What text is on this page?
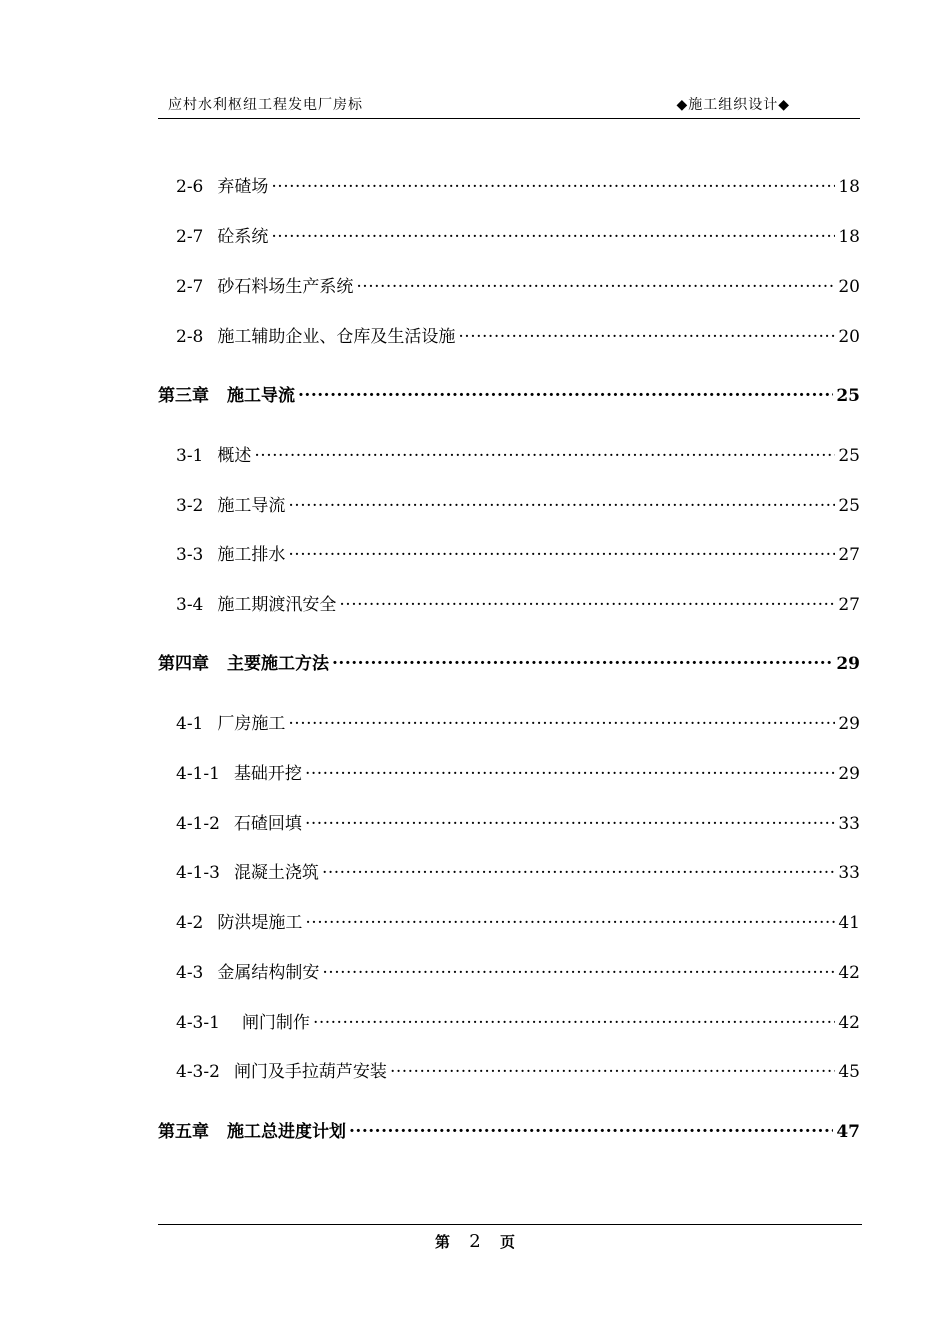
应村水利枢纽工程发电厂房标	◆施工组织设计◆
2-6 弃碴场 .....	18
2-7 砼系统 .....	18
2-7 砂石料场生产系统 .....	20
2-8 施工辅助企业、仓库及生活设施 .....	20
第三章 施工导流 .....	25
3-1 概述 .....	25
3-2 施工导流 .....	25
3-3 施工排水 .....	27
3-4 施工期渡汛安全 .....	27
第四章 主要施工方法 .....	29
4-1 厂房施工 .....	29
4-1-1 基础开挖 .....	29
4-1-2 石碴回填 .....	33
4-1-3 混凝土浇筑 .....	33
4-2 防洪堤施工 .....	41
4-3 金属结构制安 .....	42
4-3-1 闸门制作 .....	42
4-3-2 闸门及手拉葫芦安装 .....	45
第五章 施工总进度计划 .....	47
第 2 页
